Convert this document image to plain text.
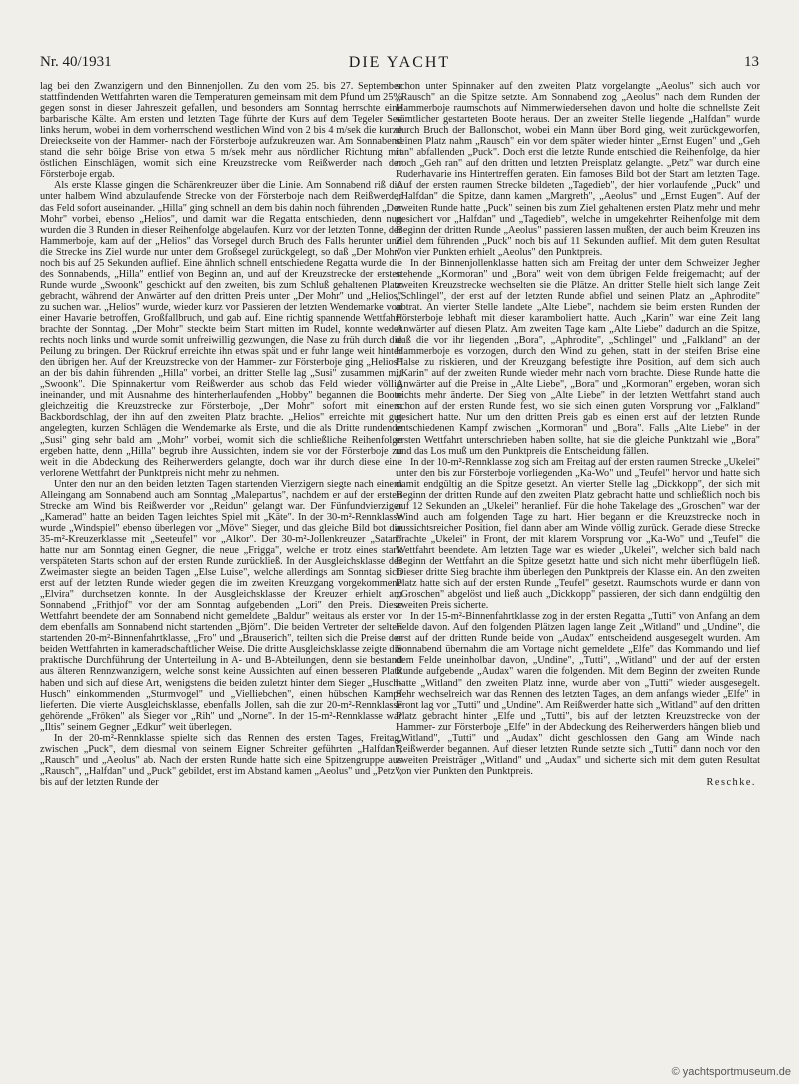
Nr. 40/1931	DIE YACHT	13

lag bei den Zwanzigern und den Binnenjollen. Zu den vom 25. bis 27. September stattfindenden Wettfahrten waren die Temperaturen gemeinsam mit dem Pfund um 25% gegen sonst in dieser Jahreszeit gefallen, und besonders am Sonntag herrschte eine barbarische Kälte. Am ersten und letzten Tage führte der Kurs auf dem Tegeler See links herum, wobei in dem vorherrschend westlichen Wind von 2 bis 4 m/sek die kurze Dreieckseite von der Hammer- nach der Försterboje aufzukreuzen war. Am Sonnabend stand die sehr böige Brise von etwa 5 m/sek mehr aus nördlicher Richtung mit östlichen Einschlägen, womit sich eine Kreuzstrecke vom Reißwerder nach der Försterboje ergab.

Als erste Klasse gingen die Schärenkreuzer über die Linie. Am Sonnabend riß die unter halbem Wind abzulaufende Strecke von der Försterboje nach dem Reißwerder das Feld sofort auseinander. „Hilla" ging schnell an dem bis dahin noch führenden „Der Mohr" vorbei, ebenso „Helios", und damit war die Regatta entschieden, denn nun wurden die 3 Runden in dieser Reihenfolge abgelaufen. Kurz vor der letzten Tonne, der Hammerboje, kam auf der „Helios" das Vorsegel durch Bruch des Falls herunter und die Strecke ins Ziel wurde nur unter dem Großsegel zurückgelegt, so daß „Der Mohr" noch bis auf 25 Sekunden auflief. Eine ähnlich schnell entschiedene Regatta wurde die des Sonnabends, „Hilla" entlief von Beginn an, und auf der Kreuzstrecke der ersten Runde wurde „Swoonk" geschickt auf den zweiten, bis zum Schluß gehaltenen Platz gebracht, während der Anwärter auf den dritten Preis unter „Der Mohr" und „Helios" zu suchen war. „Helios" wurde, wieder kurz vor Passieren der letzten Wendemarke von einer Havarie betroffen, Großfallbruch, und gab auf. Eine richtig spannende Wettfahrt brachte der Sonntag. „Der Mohr" steckte beim Start mitten im Rudel, konnte weder rechts noch links und wurde somit unfreiwillig gezwungen, die Nase zu früh durch die Peilung zu bringen. Der Rückruf erreichte ihn etwas spät und er fuhr lange weit hinter den übrigen her. Auf der Kreuzstrecke von der Hammer- zur Försterboje ging „Helios" an der bis dahin führenden „Hilla" vorbei, an dritter Stelle lag „Susi" zusammen mit „Swoonk". Die Spinnakertur vom Reißwerder aus schob das Feld wieder völlig ineinander, und mit Ausnahme des hinterherlaufenden „Hobby" begannen die Boote gleichzeitig die Kreuzstrecke zur Försterboje, „Der Mohr" sofort mit einem Backbordschlag, der ihn auf den zweiten Platz brachte. „Helios" erreichte mit gut angelegten, kurzen Schlägen die Wendemarke als Erste, und die als Dritte rundende „Susi" ging sehr bald am „Mohr" vorbei, womit sich die schließliche Reihenfolge ergeben hatte, denn „Hilla" begrub ihre Aussichten, indem sie vor der Försterboje zu weit in die Abdeckung des Reiherwerders gelangte, doch war ihr durch diese eine verlorene Wettfahrt der Punktpreis nicht mehr zu nehmen.

Unter den nur an den beiden letzten Tagen startenden Vierzigern siegte nach einem Alleingang am Sonnabend auch am Sonntag „Malepartus", nachdem er auf der ersten Strecke am Wind bis Reißwerder vor „Reidun" gelangt war. Der Fünfundvierziger „Kamerad" hatte an beiden Tagen leichtes Spiel mit „Käte". In der 30-m²-Rennklasse wurde „Windspiel" ebenso überlegen vor „Möve" Sieger, und das gleiche Bild bot die 35-m²-Kreuzerklasse mit „Seeteufel" vor „Alkor". Der 30-m²-Jollenkreuzer „Satan" hatte nur am Sonntag einen Gegner, die neue „Frigga", welche er trotz eines stark verspäteten Starts schon auf der ersten Runde zurückließ. In der Ausgleichsklasse der Zweimaster siegte an beiden Tagen „Else Luise", welche allerdings am Sonntag sich erst auf der letzten Runde wieder gegen die im zweiten Kreuzgang vorgekommene „Elvira" durchsetzen konnte. In der Ausgleichsklasse der Kreuzer erhielt am Sonnabend „Frithjof" vor der am Sonntag aufgebenden „Lori" den Preis. Diese Wettfahrt beendete der am Sonnabend nicht gemeldete „Baldur" weitaus als erster vor dem ebenfalls am Sonnabend nicht startenden „Björn". Die beiden Vertreter der selten startenden 20-m²-Binnenfahrtklasse, „Fro" und „Brauserich", teilten sich die Preise der beiden Wettfahrten in kameradschaftlicher Weise. Die dritte Ausgleichsklasse zeigte die praktische Durchführung der Unterteilung in A- und B-Abteilungen, denn sie bestand aus älteren Rennzwanzigern, welche sonst keine Aussichten auf einen besseren Platz haben und sich auf diese Art, wenigstens die beiden zuletzt hinter dem Sieger „Husch-Husch" einkommenden „Sturmvogel" und „Vielliebchen", einen hübschen Kampf lieferten. Die vierte Ausgleichsklasse, ebenfalls Jollen, sah die zur 20-m²-Rennklasse gehörende „Fröken" als Sieger vor „Rih" und „Norne". In der 15-m²-Rennklasse war „Iltis" seinem Gegner „Edkur" weit überlegen.

In der 20-m²-Rennklasse spielte sich das Rennen des ersten Tages, Freitag, zwischen „Puck", dem diesmal von seinem Eigner Schreiter geführten „Halfdan", „Rausch" und „Aeolus" ab. Nach der ersten Runde hatte sich eine Spitzengruppe aus „Rausch", „Halfdan" und „Puck" gebildet, erst im Abstand kamen „Aeolus" und „Petz", bis auf der letzten Runde der

schon unter Spinnaker auf den zweiten Platz vorgelangte „Aeolus" sich auch vor „Rausch" an die Spitze setzte. Am Sonnabend zog „Aeolus" nach dem Runden der Hammerboje raumschots auf Nimmerwiedersehen davon und holte die schnellste Zeit sämtlicher gestarteten Boote heraus. Der an zweiter Stelle liegende „Halfdan" wurde durch Bruch der Ballonschot, wobei ein Mann über Bord ging, weit zurückgeworfen, seinen Platz nahm „Rausch" ein vor dem später wieder hinter „Ernst Eugen" und „Geh ran" abfallenden „Puck". Doch erst die letzte Runde entschied die Reihenfolge, da hier noch „Geh ran" auf den dritten und letzten Preisplatz gelangte. „Petz" war durch eine Ruderhavarie ins Hintertreffen geraten. Ein famoses Bild bot der Start am letzten Tage. Auf der ersten raumen Strecke bildeten „Tagedieb", der hier vorlaufende „Puck" und „Halfdan" die Spitze, dann kamen „Margreth", „Aeolus" und „Ernst Eugen". Auf der zweiten Runde hatte „Puck" seinen bis zum Ziel gehaltenen ersten Platz mehr und mehr gesichert vor „Halfdan" und „Tagedieb", welche in umgekehrter Reihenfolge mit dem Beginn der dritten Runde „Aeolus" passieren lassen mußten, der auch beim Kreuzen ins Ziel dem führenden „Puck" noch bis auf 11 Sekunden auflief. Mit dem guten Resultat von vier Punkten erhielt „Aeolus" den Punktpreis.

In der Binnenjollenklasse hatten sich am Freitag der unter dem Schweizer Jegher stehende „Kormoran" und „Bora" weit von dem übrigen Felde freigemacht; auf der zweiten Kreuzstrecke wechselten sie die Plätze. An dritter Stelle hielt sich lange Zeit „Schlingel", der erst auf der letzten Runde abfiel und seinen Platz an „Aphrodite" abtrat. An vierter Stelle landete „Alte Liebe", nachdem sie beim ersten Runden der Försterboje lebhaft mit dieser karamboliert hatte. Auch „Karin" war eine Zeit lang Anwärter auf diesen Platz. Am zweiten Tage kam „Alte Liebe" dadurch an die Spitze, daß die vor ihr liegenden „Bora", „Aphrodite", „Schlingel" und „Falkland" an der Hammerboje es vorzogen, durch den Wind zu gehen, statt in der steifen Brise eine Halse zu riskieren, und der Kreuzgang befestigte ihre Position, auf dem sich auch „Karin" auf der zweiten Runde wieder mehr nach vorn brachte. Diese Runde hatte die Anwärter auf die Preise in „Alte Liebe", „Bora" und „Kormoran" ergeben, woran sich nichts mehr änderte. Der Sieg von „Alte Liebe" in der letzten Wettfahrt stand auch schon auf der ersten Runde fest, wo sie sich einen guten Vorsprung vor „Falkland" gesichert hatte. Nur um den dritten Preis gab es einen erst auf der letzten Runde entschiedenen Kampf zwischen „Kormoran" und „Bora". Falls „Alte Liebe" in der ersten Wettfahrt unterschrieben haben sollte, hat sie die gleiche Punktzahl wie „Bora" und das Los muß um den Punktpreis die Entscheidung fällen.

In der 10-m²-Rennklasse zog sich am Freitag auf der ersten raumen Strecke „Ukelei" unter den bis zur Försterboje vorliegenden „Ka-Wo" und „Teufel" hervor und hatte sich damit endgültig an die Spitze gesetzt. An vierter Stelle lag „Dickkopp", der sich mit Beginn der dritten Runde auf den zweiten Platz gebracht hatte und schließlich noch bis auf 12 Sekunden an „Ukelei" heranlief. Für die hohe Takelage des „Groschen" war der Wind auch am folgenden Tage zu hart. Hier begann er die Kreuzstrecke noch in aussichtsreicher Position, fiel dann aber am Winde völlig zurück. Gerade diese Strecke brachte „Ukelei" in Front, der mit klarem Vorsprung vor „Ka-Wo" und „Teufel" die Wettfahrt beendete. Am letzten Tage war es wieder „Ukelei", welcher sich bald nach Beginn der Wettfahrt an die Spitze gesetzt hatte und sich nicht mehr überflügeln ließ. Dieser dritte Sieg brachte ihm überlegen den Punktpreis der Klasse ein. An den zweiten Platz hatte sich auf der ersten Runde „Teufel" gesetzt. Raumschots wurde er dann von „Groschen" abgelöst und ließ auch „Dickkopp" passieren, der sich dann endgültig den zweiten Preis sicherte.

In der 15-m²-Binnenfahrtklasse zog in der ersten Regatta „Tutti" von Anfang an dem Felde davon. Auf den folgenden Plätzen lagen lange Zeit „Witland" und „Undine", die erst auf der dritten Runde beide von „Audax" entscheidend ausgesegelt wurden. Am Sonnabend übernahm die am Vortage nicht gemeldete „Elfe" das Kommando und lief dem Felde uneinholbar davon, „Undine", „Tutti", „Witland" und der auf der ersten Runde aufgebende „Audax" waren die folgenden. Mit dem Beginn der zweiten Runde hatte „Witland" den zweiten Platz inne, wurde aber von „Tutti" wieder ausgesegelt. Sehr wechselreich war das Rennen des letzten Tages, an dem anfangs wieder „Elfe" in Front lag vor „Tutti" und „Undine". Am Reißwerder hatte sich „Witland" auf den dritten Platz gebracht hinter „Elfe und „Tutti", bis auf der letzten Kreuzstrecke von der Hammer- zur Försterboje „Elfe" in der Abdeckung des Reiherwerders hängen blieb und „Witland", „Tutti" und „Audax" dicht geschlossen den Gang am Winde nach Reißwerder begannen. Auf dieser letzten Runde setzte sich „Tutti" dann noch vor den zweiten Preisträger „Witland" und „Audax" und sicherte sich mit dem guten Resultat von vier Punkten den Punktpreis.

Reschke.

© yachtsportmuseum.de
